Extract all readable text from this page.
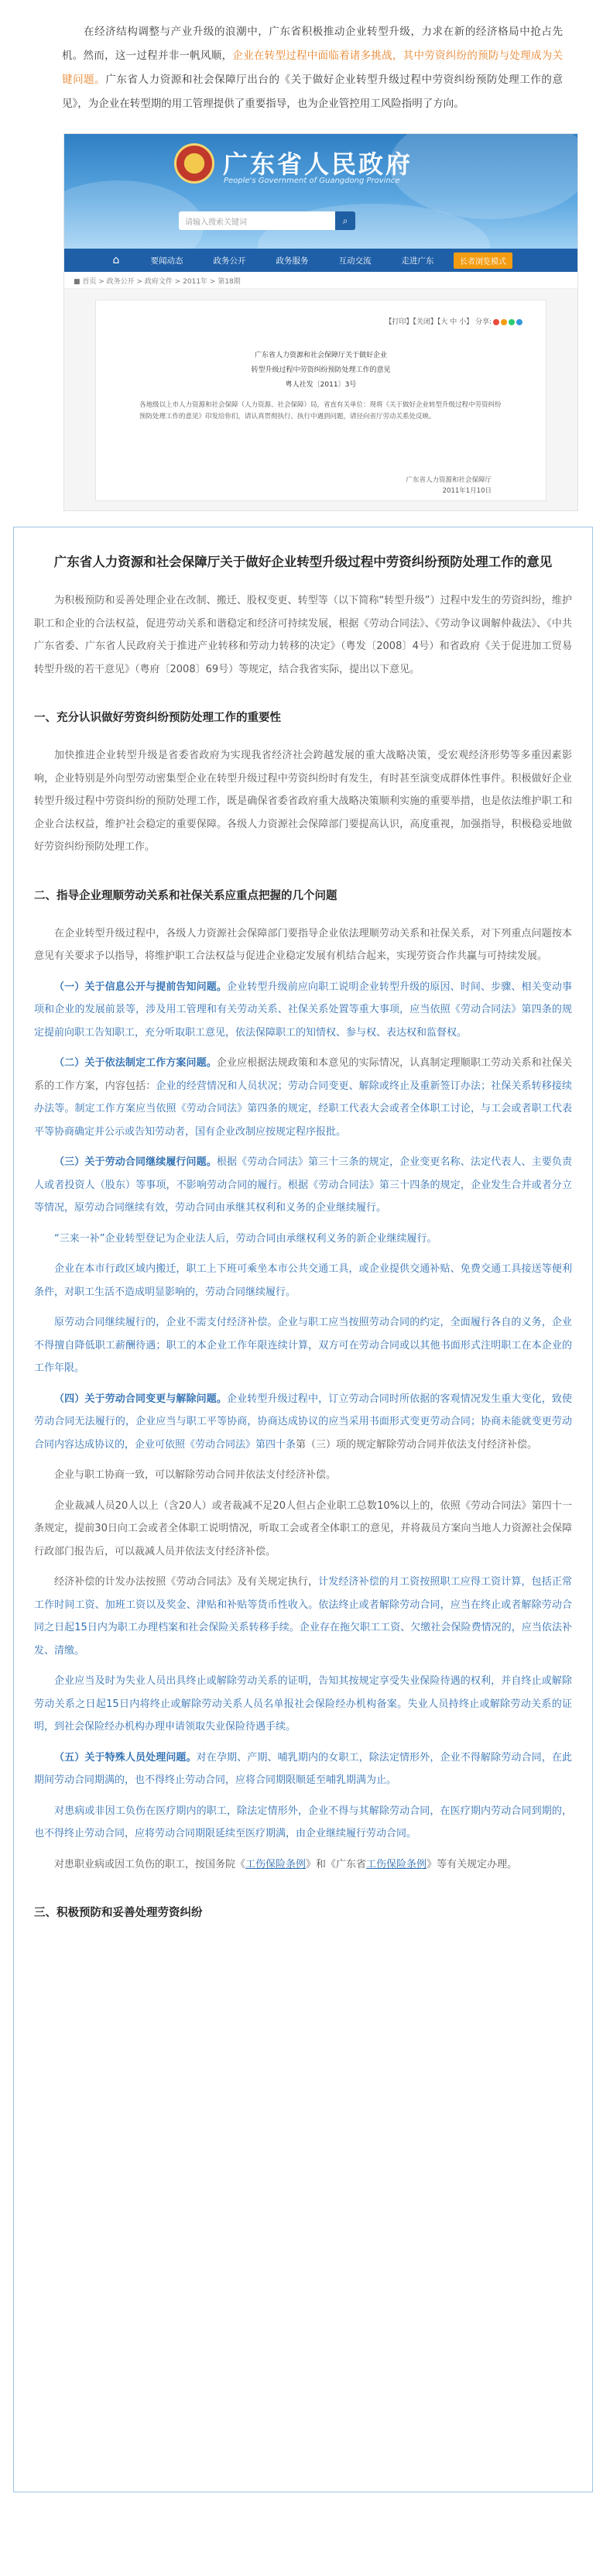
在经济结构调整与产业升级的浪潮中，广东省积极推动企业转型升级，力求在新的经济格局中抢占先机。然而，这一过程并非一帆风顺，企业在转型过程中面临着诸多挑战，其中劳资纠纷的预防与处理成为关键问题。广东省人力资源和社会保障厅出台的《关于做好企业转型升级过程中劳资纠纷预防处理工作的意见》，为企业在转型期的用工管理提供了重要指导，也为企业管控用工风险指明了方向。
广东省人民政府
People's Government of Guangdong Province
请输入搜索关键词	⌕
⌂	要闻动态	政务公开	政务服务	互动交流	走进广东	长者浏览模式
■ 首页 > 政务公开 > 政府文件 > 2011年 > 第18期
【打印】【关闭】【大 中 小】 分享:
广东省人力资源和社会保障厅关于做好企业
转型升级过程中劳资纠纷预防处理工作的意见
粤人社发〔2011〕3号
各地级以上市人力资源和社会保障（人力资源、社会保障）局，省直有关单位：现将《关于做好企业转型升级过程中劳资纠纷预防处理工作的意见》印发给你们，请认真贯彻执行。执行中遇到问题，请径向省厅劳动关系处反映。
广东省人力资源和社会保障厅
2011年1月10日
广东省人力资源和社会保障厅关于做好企业转型升级过程中劳资纠纷预防处理工作的意见

为积极预防和妥善处理企业在改制、搬迁、股权变更、转型等（以下简称“转型升级”）过程中发生的劳资纠纷，维护职工和企业的合法权益，促进劳动关系和谐稳定和经济可持续发展，根据《劳动合同法》、《劳动争议调解仲裁法》、《中共广东省委、广东省人民政府关于推进产业转移和劳动力转移的决定》（粤发〔2008〕4号）和省政府《关于促进加工贸易转型升级的若干意见》（粤府〔2008〕69号）等规定，结合我省实际，提出以下意见。

一、充分认识做好劳资纠纷预防处理工作的重要性

加快推进企业转型升级是省委省政府为实现我省经济社会跨越发展的重大战略决策，受宏观经济形势等多重因素影响，企业特别是外向型劳动密集型企业在转型升级过程中劳资纠纷时有发生，有时甚至演变成群体性事件。积极做好企业转型升级过程中劳资纠纷的预防处理工作，既是确保省委省政府重大战略决策顺利实施的重要举措，也是依法维护职工和企业合法权益，维护社会稳定的重要保障。各级人力资源社会保障部门要提高认识，高度重视，加强指导，积极稳妥地做好劳资纠纷预防处理工作。

二、指导企业理顺劳动关系和社保关系应重点把握的几个问题

在企业转型升级过程中，各级人力资源社会保障部门要指导企业依法理顺劳动关系和社保关系，对下列重点问题按本意见有关要求予以指导，将维护职工合法权益与促进企业稳定发展有机结合起来，实现劳资合作共赢与可持续发展。

（一）关于信息公开与提前告知问题。企业转型升级前应向职工说明企业转型升级的原因、时间、步骤、相关变动事项和企业的发展前景等，涉及用工管理和有关劳动关系、社保关系处置等重大事项，应当依照《劳动合同法》第四条的规定提前向职工告知职工，充分听取职工意见，依法保障职工的知情权、参与权、表达权和监督权。

（二）关于依法制定工作方案问题。企业应根据法规政策和本意见的实际情况，认真制定理顺职工劳动关系和社保关系的工作方案，内容包括：企业的经营情况和人员状况；劳动合同变更、解除或终止及重新签订办法；社保关系转移接续办法等。制定工作方案应当依照《劳动合同法》第四条的规定，经职工代表大会或者全体职工讨论，与工会或者职工代表平等协商确定并公示或告知劳动者，国有企业改制应按规定程序报批。

（三）关于劳动合同继续履行问题。根据《劳动合同法》第三十三条的规定，企业变更名称、法定代表人、主要负责人或者投资人（股东）等事项，不影响劳动合同的履行。根据《劳动合同法》第三十四条的规定，企业发生合并或者分立等情况，原劳动合同继续有效，劳动合同由承继其权利和义务的企业继续履行。

“三来一补”企业转型登记为企业法人后，劳动合同由承继权利义务的新企业继续履行。

企业在本市行政区域内搬迁，职工上下班可乘坐本市公共交通工具，或企业提供交通补贴、免费交通工具接送等便利条件，对职工生活不造成明显影响的，劳动合同继续履行。

原劳动合同继续履行的，企业不需支付经济补偿。企业与职工应当按照劳动合同的约定，全面履行各自的义务，企业不得擅自降低职工薪酬待遇；职工的本企业工作年限连续计算，双方可在劳动合同或以其他书面形式注明职工在本企业的工作年限。

（四）关于劳动合同变更与解除问题。企业转型升级过程中，订立劳动合同时所依据的客观情况发生重大变化，致使劳动合同无法履行的，企业应当与职工平等协商，协商达成协议的应当采用书面形式变更劳动合同；协商未能就变更劳动合同内容达成协议的，企业可依照《劳动合同法》第四十条第（三）项的规定解除劳动合同并依法支付经济补偿。

企业与职工协商一致，可以解除劳动合同并依法支付经济补偿。

企业裁减人员20人以上（含20人）或者裁减不足20人但占企业职工总数10%以上的，依照《劳动合同法》第四十一条规定，提前30日向工会或者全体职工说明情况，听取工会或者全体职工的意见，并将裁员方案向当地人力资源社会保障行政部门报告后，可以裁减人员并依法支付经济补偿。

经济补偿的计发办法按照《劳动合同法》及有关规定执行，计发经济补偿的月工资按照职工应得工资计算，包括正常工作时间工资、加班工资以及奖金、津贴和补贴等货币性收入。依法终止或者解除劳动合同，应当在终止或者解除劳动合同之日起15日内为职工办理档案和社会保险关系转移手续。企业存在拖欠职工工资、欠缴社会保险费情况的，应当依法补发、清缴。

企业应当及时为失业人员出具终止或解除劳动关系的证明，告知其按规定享受失业保险待遇的权利，并自终止或解除劳动关系之日起15日内将终止或解除劳动关系人员名单报社会保险经办机构备案。失业人员持终止或解除劳动关系的证明，到社会保险经办机构办理申请领取失业保险待遇手续。

（五）关于特殊人员处理问题。对在孕期、产期、哺乳期内的女职工，除法定情形外，企业不得解除劳动合同，在此期间劳动合同期满的，也不得终止劳动合同，应将合同期限顺延至哺乳期满为止。

对患病或非因工负伤在医疗期内的职工，除法定情形外，企业不得与其解除劳动合同，在医疗期内劳动合同到期的，也不得终止劳动合同，应将劳动合同期限延续至医疗期满，由企业继续履行劳动合同。

对患职业病或因工负伤的职工，按国务院《工伤保险条例》和《广东省工伤保险条例》等有关规定办理。

三、积极预防和妥善处理劳资纠纷
